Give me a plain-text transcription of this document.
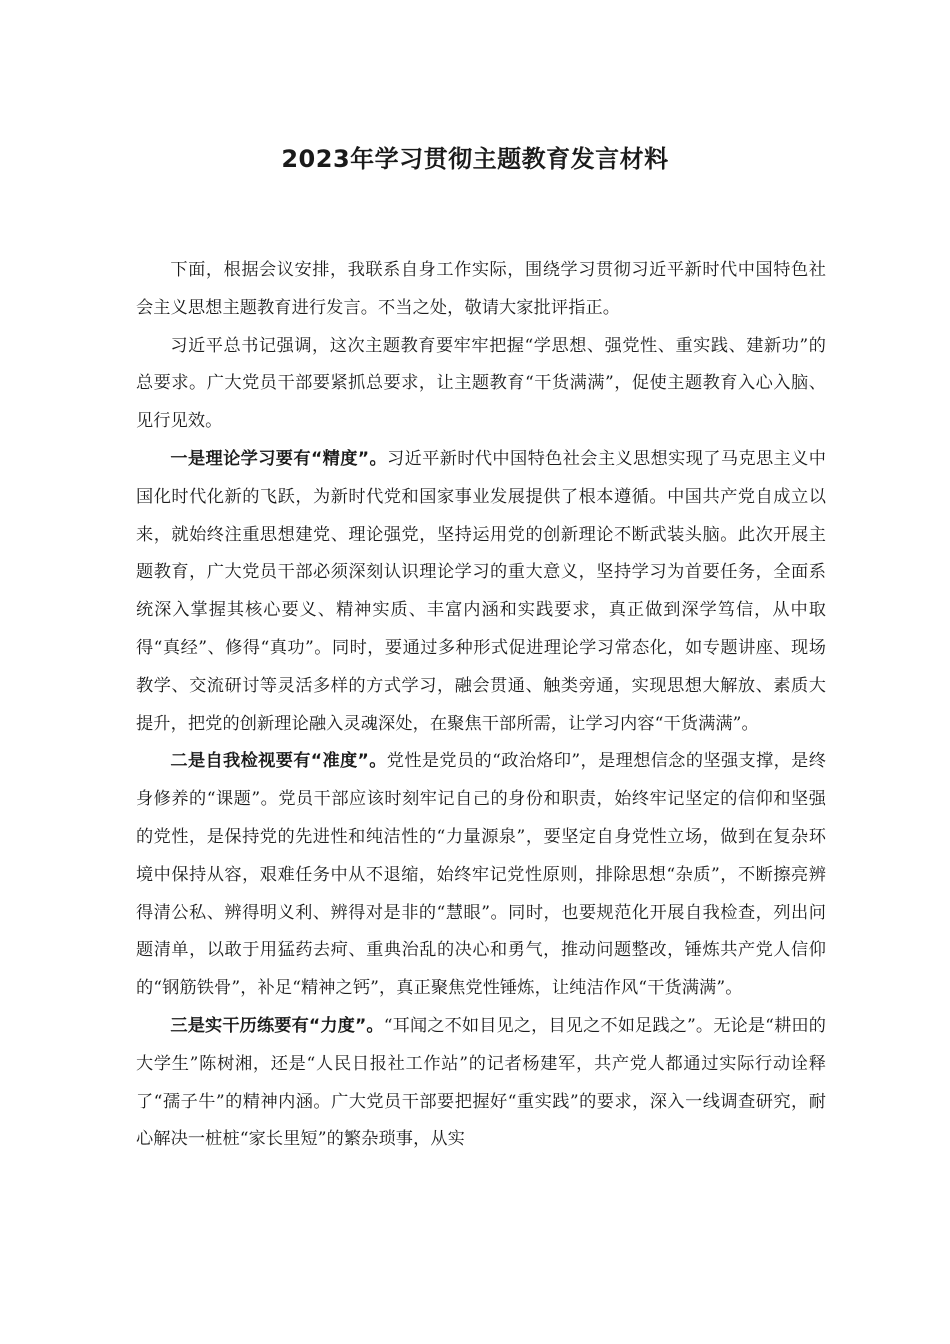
2023年学习贯彻主题教育发言材料

下面，根据会议安排，我联系自身工作实际，围绕学习贯彻习近平新时代中国特色社会主义思想主题教育进行发言。不当之处，敬请大家批评指正。

习近平总书记强调，这次主题教育要牢牢把握“学思想、强党性、重实践、建新功”的总要求。广大党员干部要紧抓总要求，让主题教育“干货满满”，促使主题教育入心入脑、见行见效。

一是理论学习要有“精度”。习近平新时代中国特色社会主义思想实现了马克思主义中国化时代化新的飞跃，为新时代党和国家事业发展提供了根本遵循。中国共产党自成立以来，就始终注重思想建党、理论强党，坚持运用党的创新理论不断武装头脑。此次开展主题教育，广大党员干部必须深刻认识理论学习的重大意义，坚持学习为首要任务，全面系统深入掌握其核心要义、精神实质、丰富内涵和实践要求，真正做到深学笃信，从中取得“真经”、修得“真功”。同时，要通过多种形式促进理论学习常态化，如专题讲座、现场教学、交流研讨等灵活多样的方式学习，融会贯通、触类旁通，实现思想大解放、素质大提升，把党的创新理论融入灵魂深处，在聚焦干部所需，让学习内容“干货满满”。

二是自我检视要有“准度”。党性是党员的“政治烙印”，是理想信念的坚强支撑，是终身修养的“课题”。党员干部应该时刻牢记自己的身份和职责，始终牢记坚定的信仰和坚强的党性，是保持党的先进性和纯洁性的“力量源泉”，要坚定自身党性立场，做到在复杂环境中保持从容，艰难任务中从不退缩，始终牢记党性原则，排除思想“杂质”，不断擦亮辨得清公私、辨得明义利、辨得对是非的“慧眼”。同时，也要规范化开展自我检查，列出问题清单，以敢于用猛药去疴、重典治乱的决心和勇气，推动问题整改，锤炼共产党人信仰的“钢筋铁骨”，补足“精神之钙”，真正聚焦党性锤炼，让纯洁作风“干货满满”。

三是实干历练要有“力度”。“耳闻之不如目见之，目见之不如足践之”。无论是“耕田的大学生”陈树湘，还是“人民日报社工作站”的记者杨建军，共产党人都通过实际行动诠释了“孺子牛”的精神内涵。广大党员干部要把握好“重实践”的要求，深入一线调查研究，耐心解决一桩桩“家长里短”的繁杂琐事，从实
